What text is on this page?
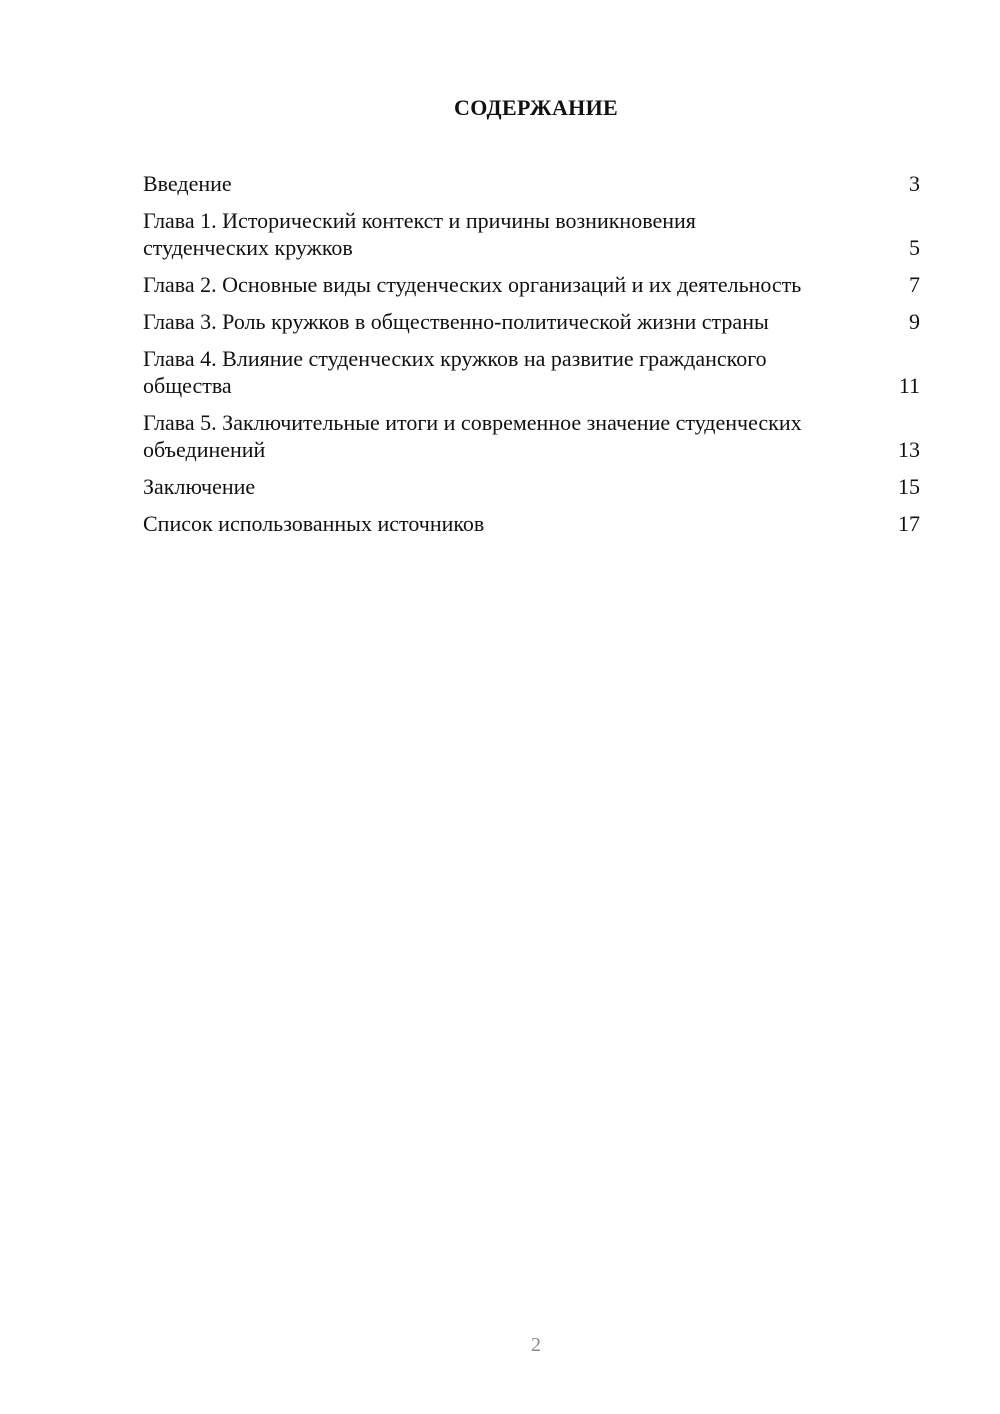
СОДЕРЖАНИЕ
Введение	3
Глава 1. Исторический контекст и причины возникновения студенческих кружков	5
Глава 2. Основные виды студенческих организаций и их деятельность	7
Глава 3. Роль кружков в общественно-политической жизни страны	9
Глава 4. Влияние студенческих кружков на развитие гражданского общества	11
Глава 5. Заключительные итоги и современное значение студенческих объединений	13
Заключение	15
Список использованных источников	17
2
